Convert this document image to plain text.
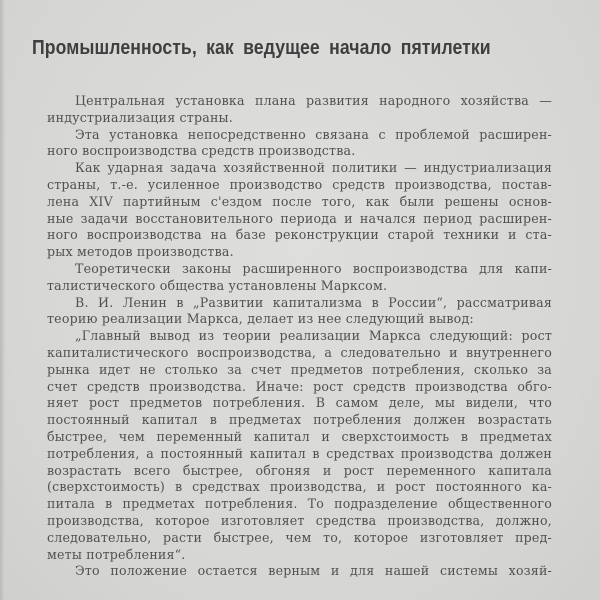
Промышленность, как ведущее начало пятилетки
Центральная установка плана развития народного хозяйства —
индустриализация страны.
Эта установка непосредственно связана с проблемой расширен-
ного воспроизводства средств производства.
Как ударная задача хозяйственной политики — индустриализация
страны, т.-е. усиленное производство средств производства, постав-
лена XIV партийным с'ездом после того, как были решены основ-
ные задачи восстановительного периода и начался период расширен-
ного воспроизводства на базе реконструкции старой техники и ста-
рых методов производства.
Теоретически законы расширенного воспроизводства для капи-
талистического общества установлены Марксом.
В. И. Ленин в „Развитии капитализма в России“, рассматривая
теорию реализации Маркса, делает из нее следующий вывод:
„Главный вывод из теории реализации Маркса следующий: рост
капиталистического воспроизводства, а следовательно и внутреннего
рынка идет не столько за счет предметов потребления, сколько за
счет средств производства. Иначе: рост средств производства обго-
няет рост предметов потребления. В самом деле, мы видели, что
постоянный капитал в предметах потребления должен возрастать
быстрее, чем переменный капитал и сверхстоимость в предметах
потребления, а постоянный капитал в средствах производства должен
возрастать всего быстрее, обгоняя и рост переменного капитала
(сверхстоимость) в средствах производства, и рост постоянного ка-
питала в предметах потребления. То подразделение общественного
производства, которое изготовляет средства производства, должно,
следовательно, расти быстрее, чем то, которое изготовляет пред-
меты потребления“.
Это положение остается верным и для нашей системы хозяй-
